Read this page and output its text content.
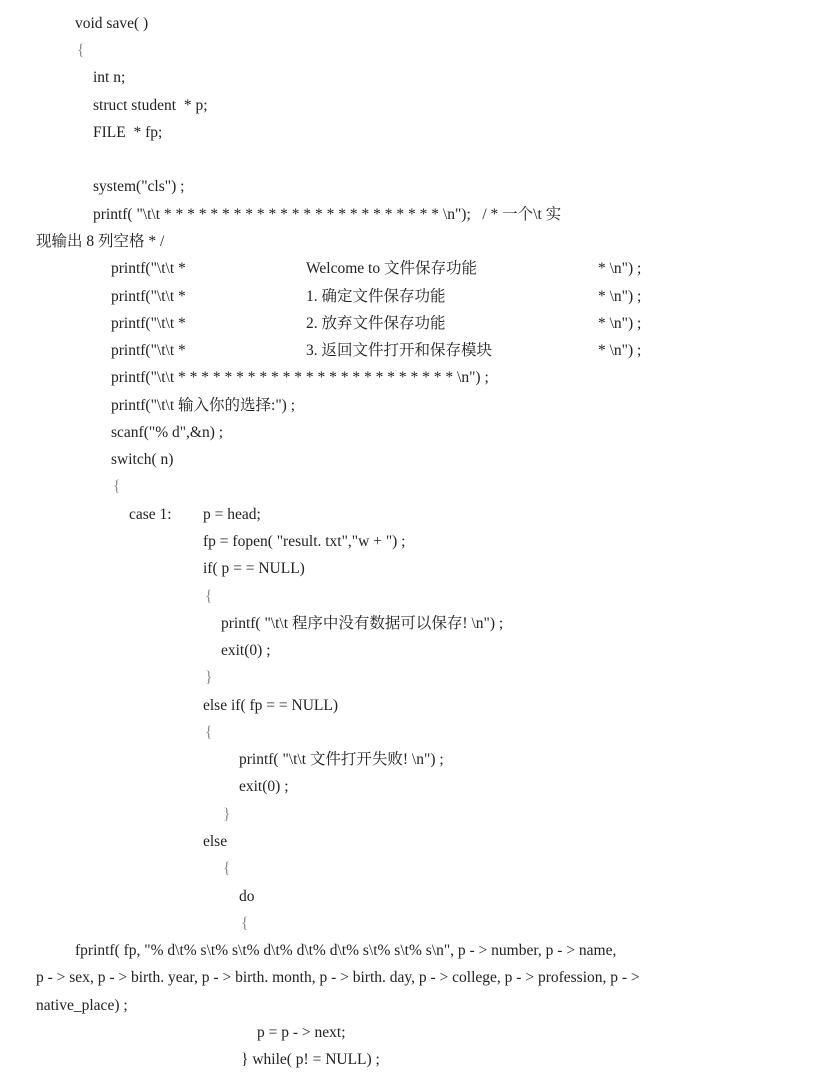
void save( )
{
int n;
struct student  * p;
FILE  * fp;
system("cls") ;
printf( "\t\t * * * * * * * * * * * * * * * * * * * * * * * * \n");   / * 一个\t 实
现输出 8 列空格 * /
printf("\t\t *	Welcome to 文件保存功能	* \n") ;
printf("\t\t *	1. 确定文件保存功能	* \n") ;
printf("\t\t *	2. 放弃文件保存功能	* \n") ;
printf("\t\t *	3. 返回文件打开和保存模块	* \n") ;
printf("\t\t * * * * * * * * * * * * * * * * * * * * * * * * \n") ;
printf("\t\t 输入你的选择:") ;
scanf("% d",&n) ;
switch( n)
{
case 1: p = head;
fp = fopen( "result. txt","w + ") ;
if( p = = NULL)
{
printf( "\t\t 程序中没有数据可以保存! \n") ;
exit(0) ;
}
else if( fp = = NULL)
{
printf( "\t\t 文件打开失败! \n") ;
exit(0) ;
}
else
{
do
{
fprintf( fp, "% d\t% s\t% s\t% d\t% d\t% d\t% s\t% s\t% s\n", p - > number, p - > name,
p - > sex, p - > birth. year, p - > birth. month, p - > birth. day, p - > college, p - > profession, p - >
native_place) ;
p = p - > next;
} while( p! = NULL) ;
